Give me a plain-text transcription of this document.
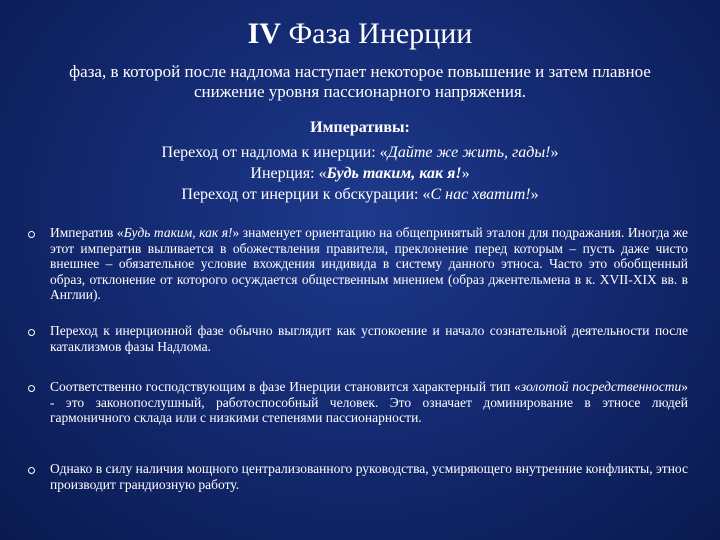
IV Фаза Инерции
фаза, в которой после надлома наступает некоторое повышение и затем плавное снижение уровня пассионарного напряжения.
Императивы:
Переход от надлома к инерции: «Дайте же жить, гады!»
Инерция: «Будь таким, как я!»
Переход от инерции к обскурации: «С нас хватит!»
Императив «Будь таким, как я!» знаменует ориентацию на общепринятый эталон для подражания. Иногда же этот императив выливается в обожествления правителя, преклонение перед которым – пусть даже чисто внешнее – обязательное условие вхождения индивида в систему данного этноса. Часто это обобщенный образ, отклонение от которого осуждается общественным мнением (образ джентельмена в к. XVII-XIX вв. в Англии).
Переход к инерционной фазе обычно выглядит как успокоение и начало сознательной деятельности после катаклизмов фазы Надлома.
Соответственно господствующим в фазе Инерции становится характерный тип «золотой посредственности» - это законопослушный, работоспособный человек. Это означает доминирование в этносе людей гармоничного склада или с низкими степенями пассионарности.
Однако в силу наличия мощного централизованного руководства, усмиряющего внутренние конфликты, этнос производит грандиозную работу.
